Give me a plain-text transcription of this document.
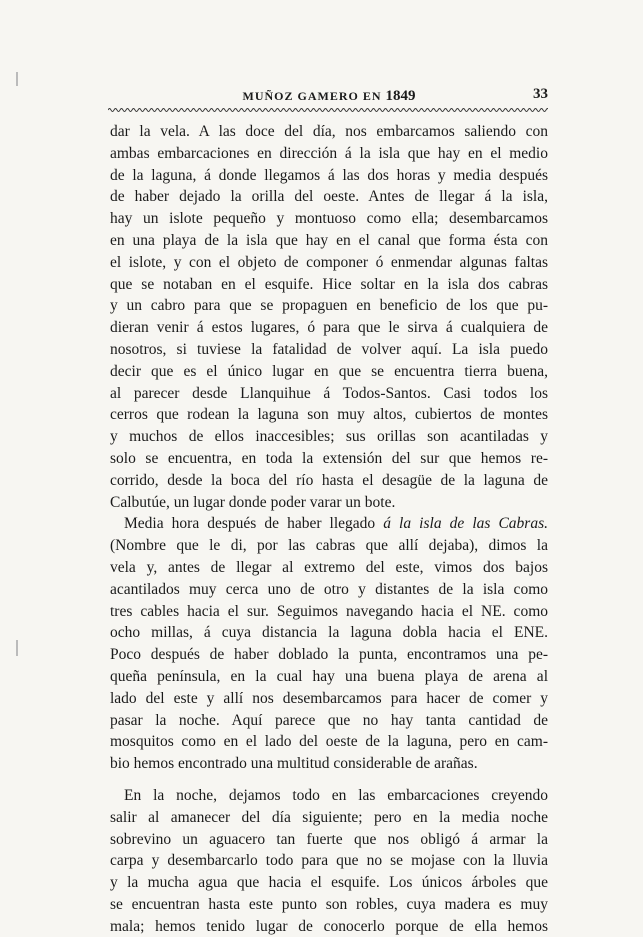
MUÑOZ GAMERO EN 1849	33
dar la vela. A las doce del día, nos embarcamos saliendo con
ambas embarcaciones en dirección á la isla que hay en el medio
de la laguna, á donde llegamos á las dos horas y media después
de haber dejado la orilla del oeste. Antes de llegar á la isla,
hay un islote pequeño y montuoso como ella; desembarcamos
en una playa de la isla que hay en el canal que forma ésta con
el islote, y con el objeto de componer ó enmendar algunas faltas
que se notaban en el esquife. Hice soltar en la isla dos cabras
y un cabro para que se propaguen en beneficio de los que pu-
dieran venir á estos lugares, ó para que le sirva á cualquiera de
nosotros, si tuviese la fatalidad de volver aquí. La isla puedo
decir que es el único lugar en que se encuentra tierra buena,
al parecer desde Llanquihue á Todos-Santos. Casi todos los
cerros que rodean la laguna son muy altos, cubiertos de montes
y muchos de ellos inaccesibles; sus orillas son acantiladas y
solo se encuentra, en toda la extensión del sur que hemos re-
corrido, desde la boca del río hasta el desagüe de la laguna de
Calbutúe, un lugar donde poder varar un bote.
Media hora después de haber llegado á la isla de las Cabras.
(Nombre que le di, por las cabras que allí dejaba), dimos la
vela y, antes de llegar al extremo del este, vimos dos bajos
acantilados muy cerca uno de otro y distantes de la isla como
tres cables hacia el sur. Seguimos navegando hacia el NE. como
ocho millas, á cuya distancia la laguna dobla hacia el ENE.
Poco después de haber doblado la punta, encontramos una pe-
queña península, en la cual hay una buena playa de arena al
lado del este y allí nos desembarcamos para hacer de comer y
pasar la noche. Aquí parece que no hay tanta cantidad de
mosquitos como en el lado del oeste de la laguna, pero en cam-
bio hemos encontrado una multitud considerable de arañas.
En la noche, dejamos todo en las embarcaciones creyendo
salir al amanecer del día siguiente; pero en la media noche
sobrevino un aguacero tan fuerte que nos obligó á armar la
carpa y desembarcarlo todo para que no se mojase con la lluvia
y la mucha agua que hacia el esquife. Los únicos árboles que
se encuentran hasta este punto son robles, cuya madera es muy
mala; hemos tenido lugar de conocerlo porque de ella hemos
